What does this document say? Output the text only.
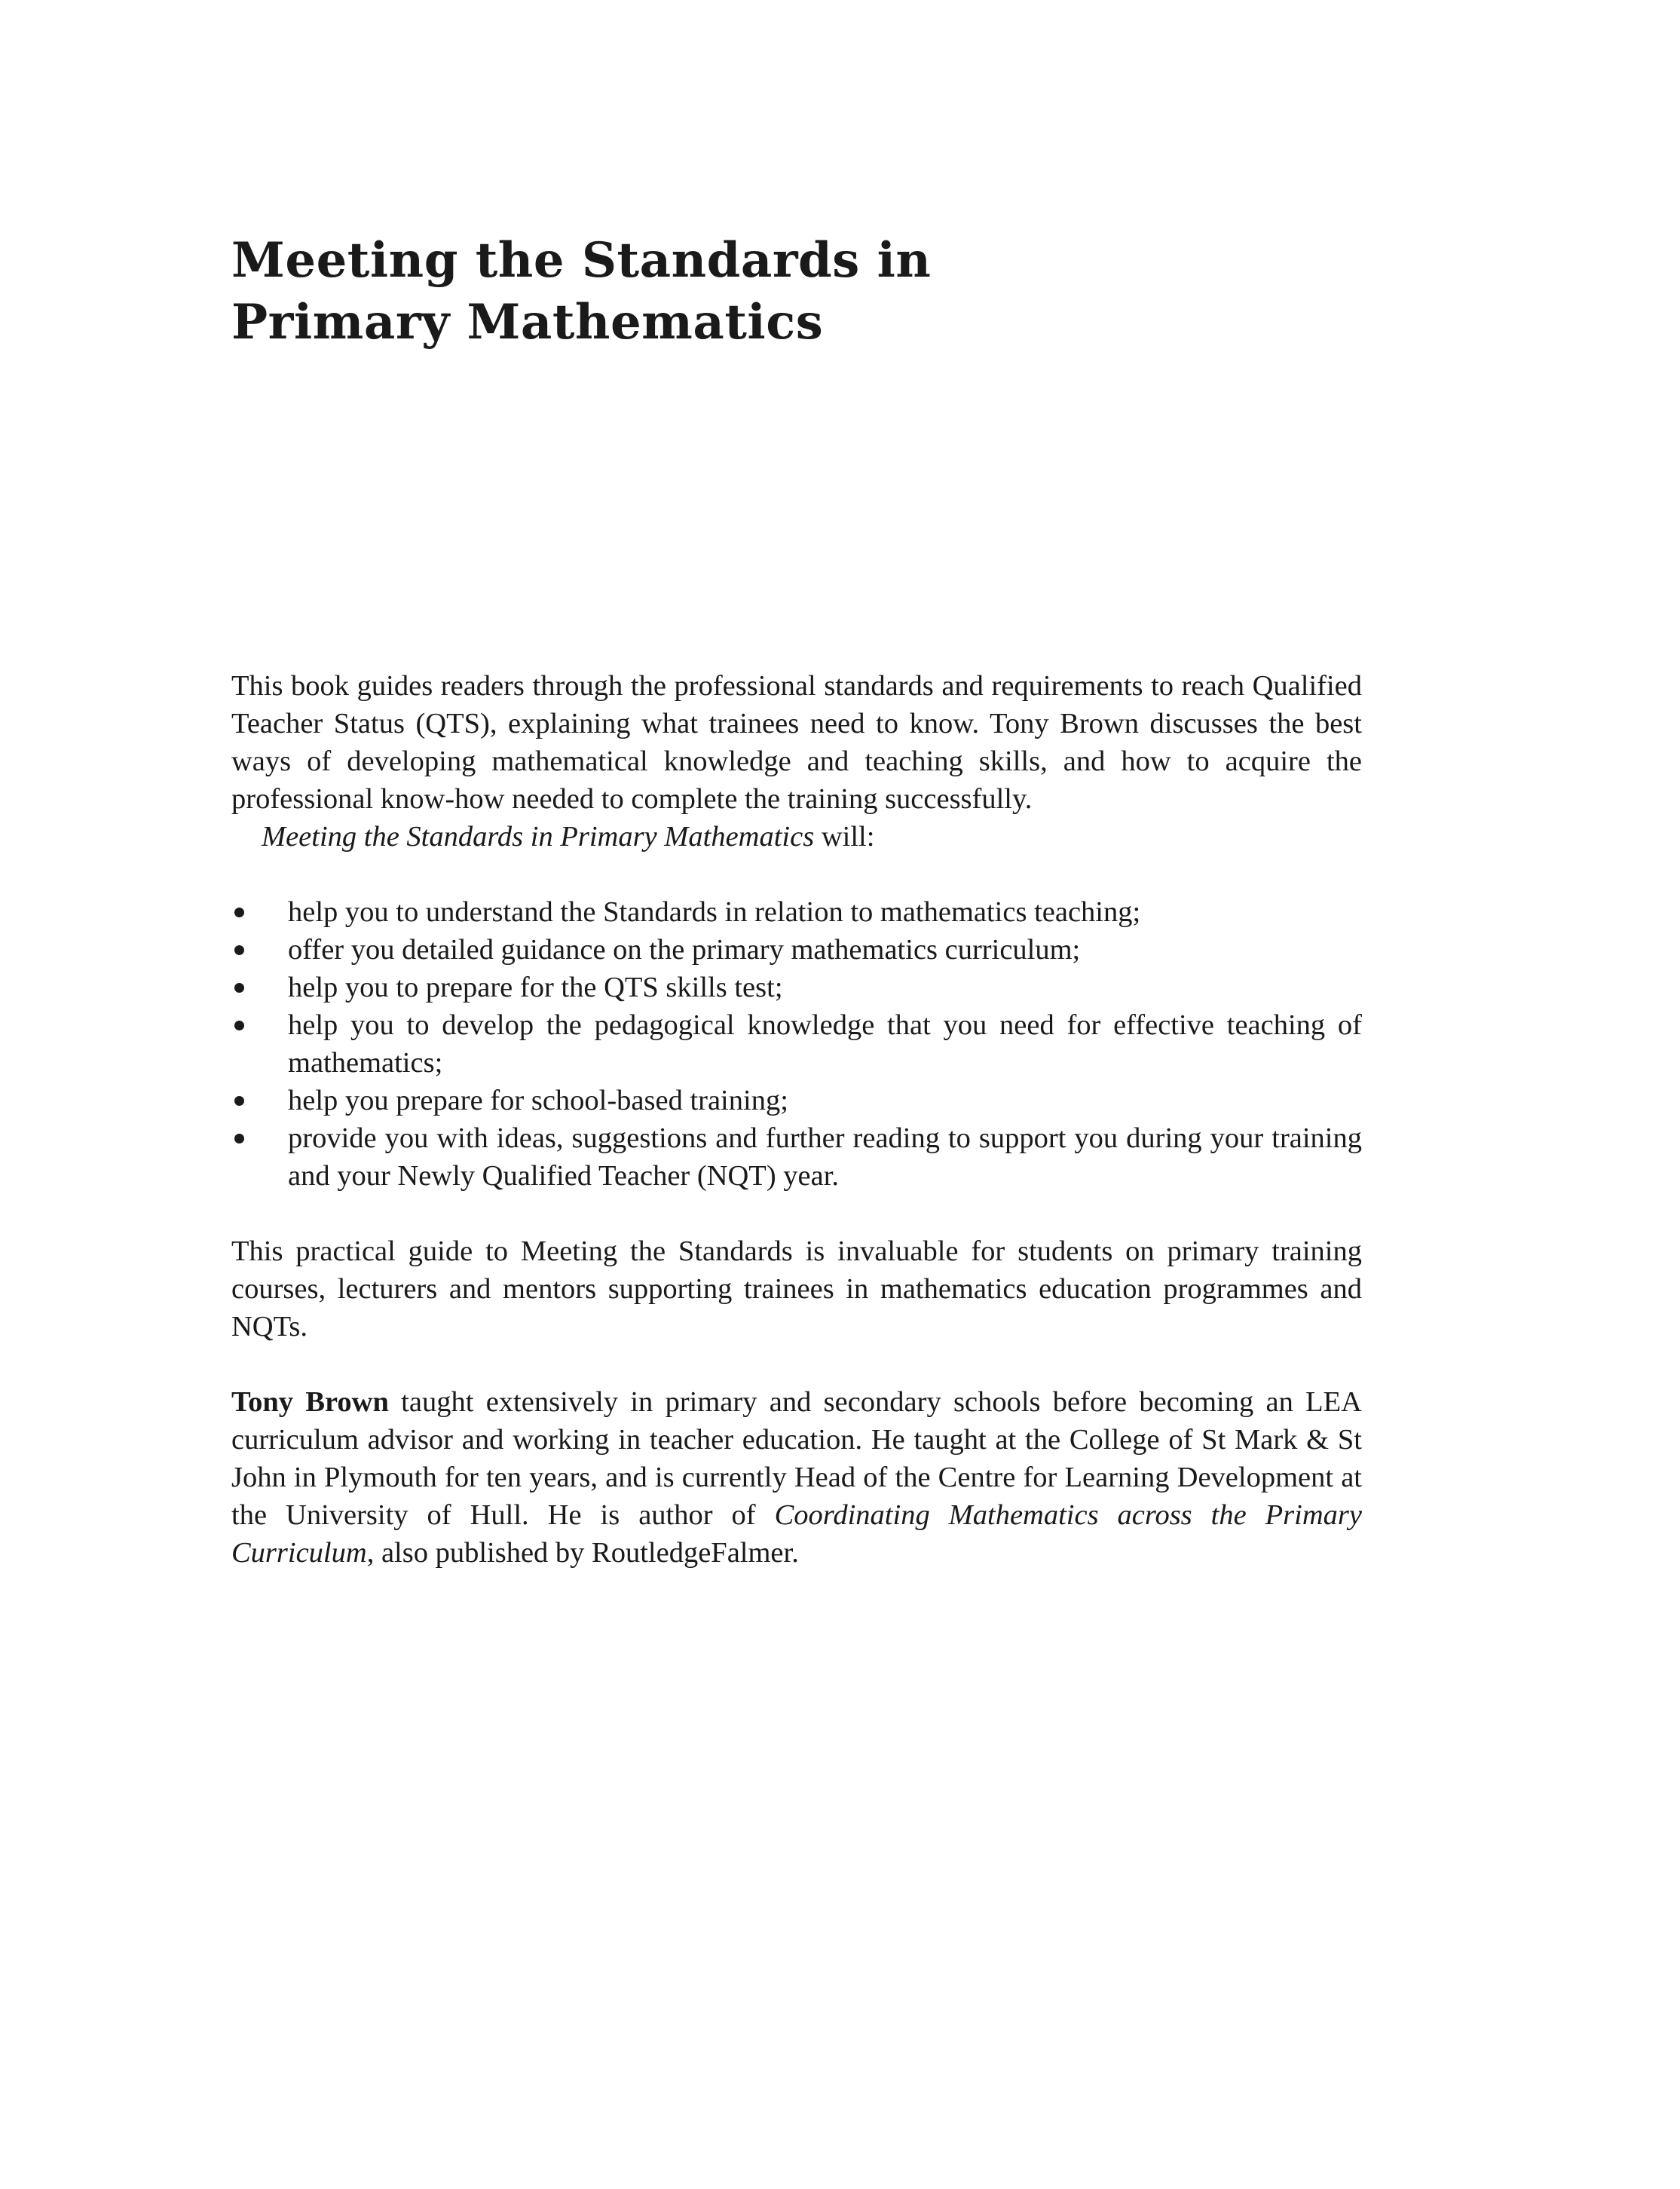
Meeting the Standards in
Primary Mathematics

This book guides readers through the professional standards and requirements to reach Qualified Teacher Status (QTS), explaining what trainees need to know. Tony Brown discusses the best ways of developing mathematical knowledge and teaching skills, and how to acquire the professional know-how needed to complete the training successfully.

Meeting the Standards in Primary Mathematics will:

help you to understand the Standards in relation to mathematics teaching;
offer you detailed guidance on the primary mathematics curriculum;
help you to prepare for the QTS skills test;
help you to develop the pedagogical knowledge that you need for effective teaching of mathematics;
help you prepare for school-based training;
provide you with ideas, suggestions and further reading to support you during your training and your Newly Qualified Teacher (NQT) year.

This practical guide to Meeting the Standards is invaluable for students on primary training courses, lecturers and mentors supporting trainees in mathematics education programmes and NQTs.

Tony Brown taught extensively in primary and secondary schools before becoming an LEA curriculum advisor and working in teacher education. He taught at the College of St Mark & St John in Plymouth for ten years, and is currently Head of the Centre for Learning Development at the University of Hull. He is author of Coordinating Mathematics across the Primary Curriculum, also published by RoutledgeFalmer.
